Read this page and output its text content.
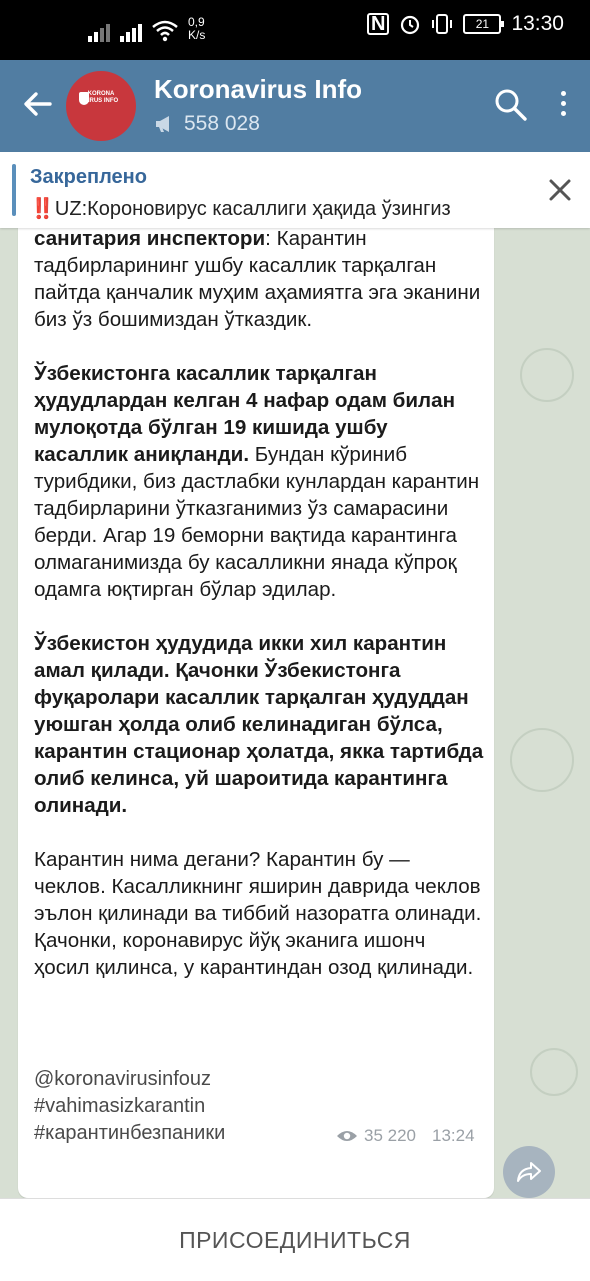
0,9
K/s	N	21	13:30
KORONA VIRUS INFO Koronavirus Info
558 028
Закреплено
‼️UZ:Короновирус касаллиги ҳақида ўзингиз

санитария инспектори: Карантин тадбирларининг ушбу касаллик тарқалган пайтда қанчалик муҳим аҳамиятга эга эканини биз ўз бошимиздан ўтказдик.

Ўзбекистонга касаллик тарқалган ҳудудлардан келган 4 нафар одам билан мулоқотда бўлган 19 кишида ушбу касаллик аниқланди. Бундан кўриниб турибдики, биз дастлабки кунлардан карантин тадбирларини ўтказганимиз ўз самарасини берди. Агар 19 беморни вақтида карантинга олмаганимизда бу касалликни янада кўпроқ одамга юқтирган бўлар эдилар.

Ўзбекистон ҳудудида икки хил карантин амал қилади. Қачонки Ўзбекистонга фуқаролари касаллик тарқалган ҳудуддан уюшган ҳолда олиб келинадиган бўлса, карантин стационар ҳолатда, якка тартибда олиб келинса, уй шароитида карантинга олинади.

Карантин нима дегани? Карантин бу — чеклов. Касалликнинг яширин даврида чеклов эълон қилинади ва тиббий назоратга олинади. Қачонки, коронавирус йўқ эканига ишонч ҳосил қилинса, у карантиндан озод қилинади.

@koronavirusinfouz
#vahimasizkarantin
#карантинбезпаники	35 220 13:24
ПРИСОЕДИНИТЬСЯ
